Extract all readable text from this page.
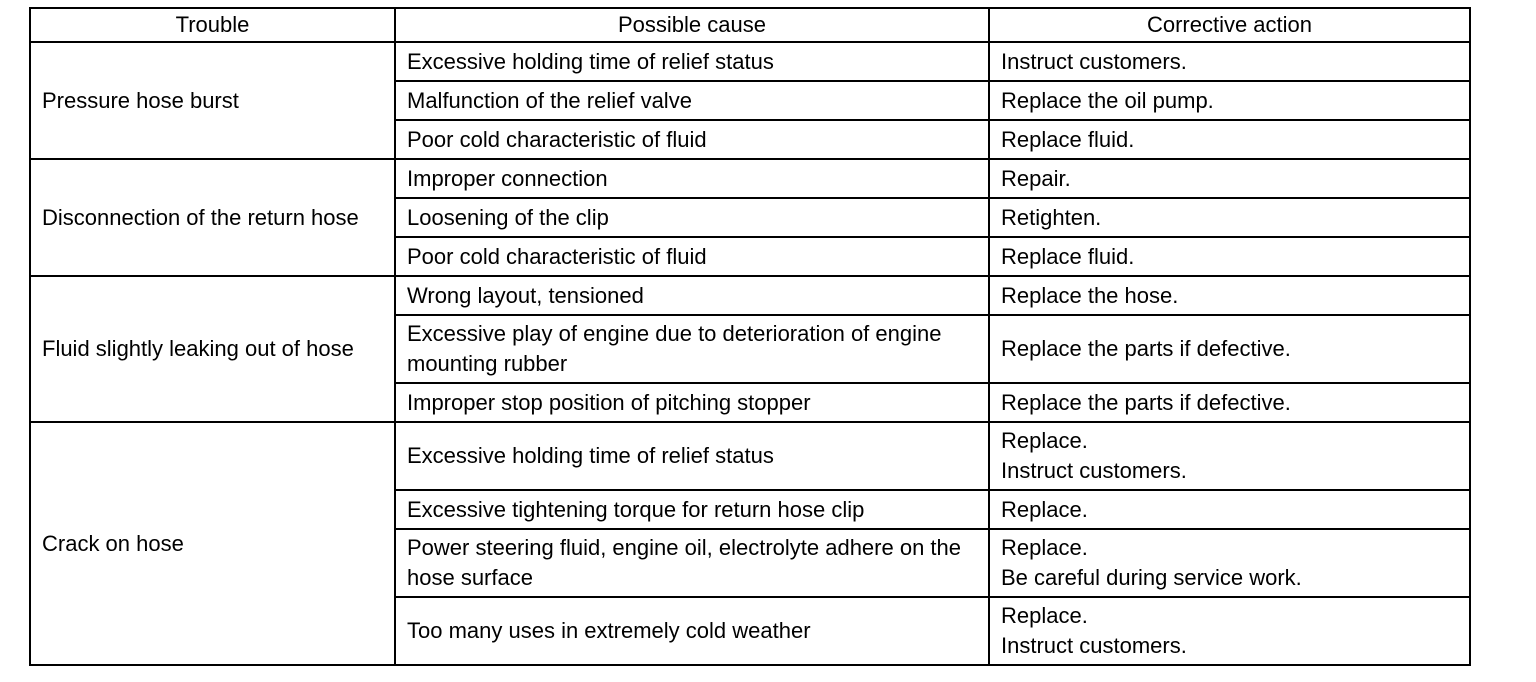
Trouble	Possible cause	Corrective action
Pressure hose burst	Excessive holding time of relief status	Instruct customers.

	Malfunction of the relief valve	Replace the oil pump.

	Poor cold characteristic of fluid	Replace fluid.

Disconnection of the return hose	Improper connection	Repair.

	Loosening of the clip	Retighten.

	Poor cold characteristic of fluid	Replace fluid.

Fluid slightly leaking out of hose	Wrong layout, tensioned	Replace the hose.

	Excessive play of engine due to deterioration of engine mounting rubber	Replace the parts if defective.

	Improper stop position of pitching stopper	Replace the parts if defective.

Crack on hose	Excessive holding time of relief status	Replace.
Instruct customers.

	Excessive tightening torque for return hose clip	Replace.

	Power steering fluid, engine oil, electrolyte adhere on the hose surface	Replace.
Be careful during service work.

	Too many uses in extremely cold weather	Replace.
Instruct customers.
